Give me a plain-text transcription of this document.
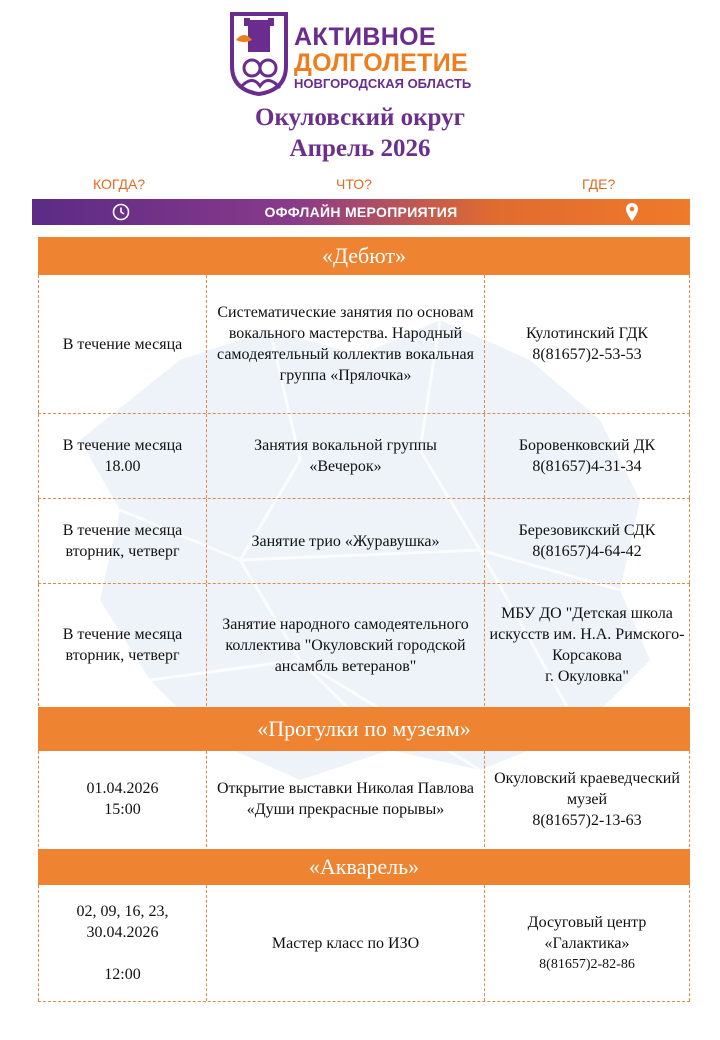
АКТИВНОЕ
ДОЛГОЛЕТИЕ
НОВГОРОДСКАЯ ОБЛАСТЬ
Окуловский округ
Апрель 2026
КОГДА?	ЧТО?	ГДЕ?
ОФФЛАЙН МЕРОПРИЯТИЯ
«Дебют»
В течение месяца
Систематические занятия по основам вокального мастерства. Народный самодеятельный коллектив вокальная группа «Прялочка»
Кулотинский ГДК
8(81657)2-53-53
В течение месяца
18.00
Занятия вокальной группы
«Вечерок»
Боровенковский ДК
8(81657)4-31-34
В течение месяца
вторник, четверг
Занятие трио «Журавушка»
Березовикский СДК
8(81657)4-64-42
В течение месяца
вторник, четверг
Занятие народного самодеятельного коллектива "Окуловский городской ансамбль ветеранов"
МБУ ДО "Детская школа искусств им. Н.А. Римского-Корсакова
г. Окуловка"
«Прогулки по музеям»
01.04.2026
15:00
Открытие выставки Николая Павлова «Души прекрасные порывы»
Окуловский краеведческий музей
8(81657)2-13-63
«Акварель»
02, 09, 16, 23,
30.04.2026

12:00
Мастер класс по ИЗО
Досуговый центр
«Галактика»
8(81657)2-82-86
